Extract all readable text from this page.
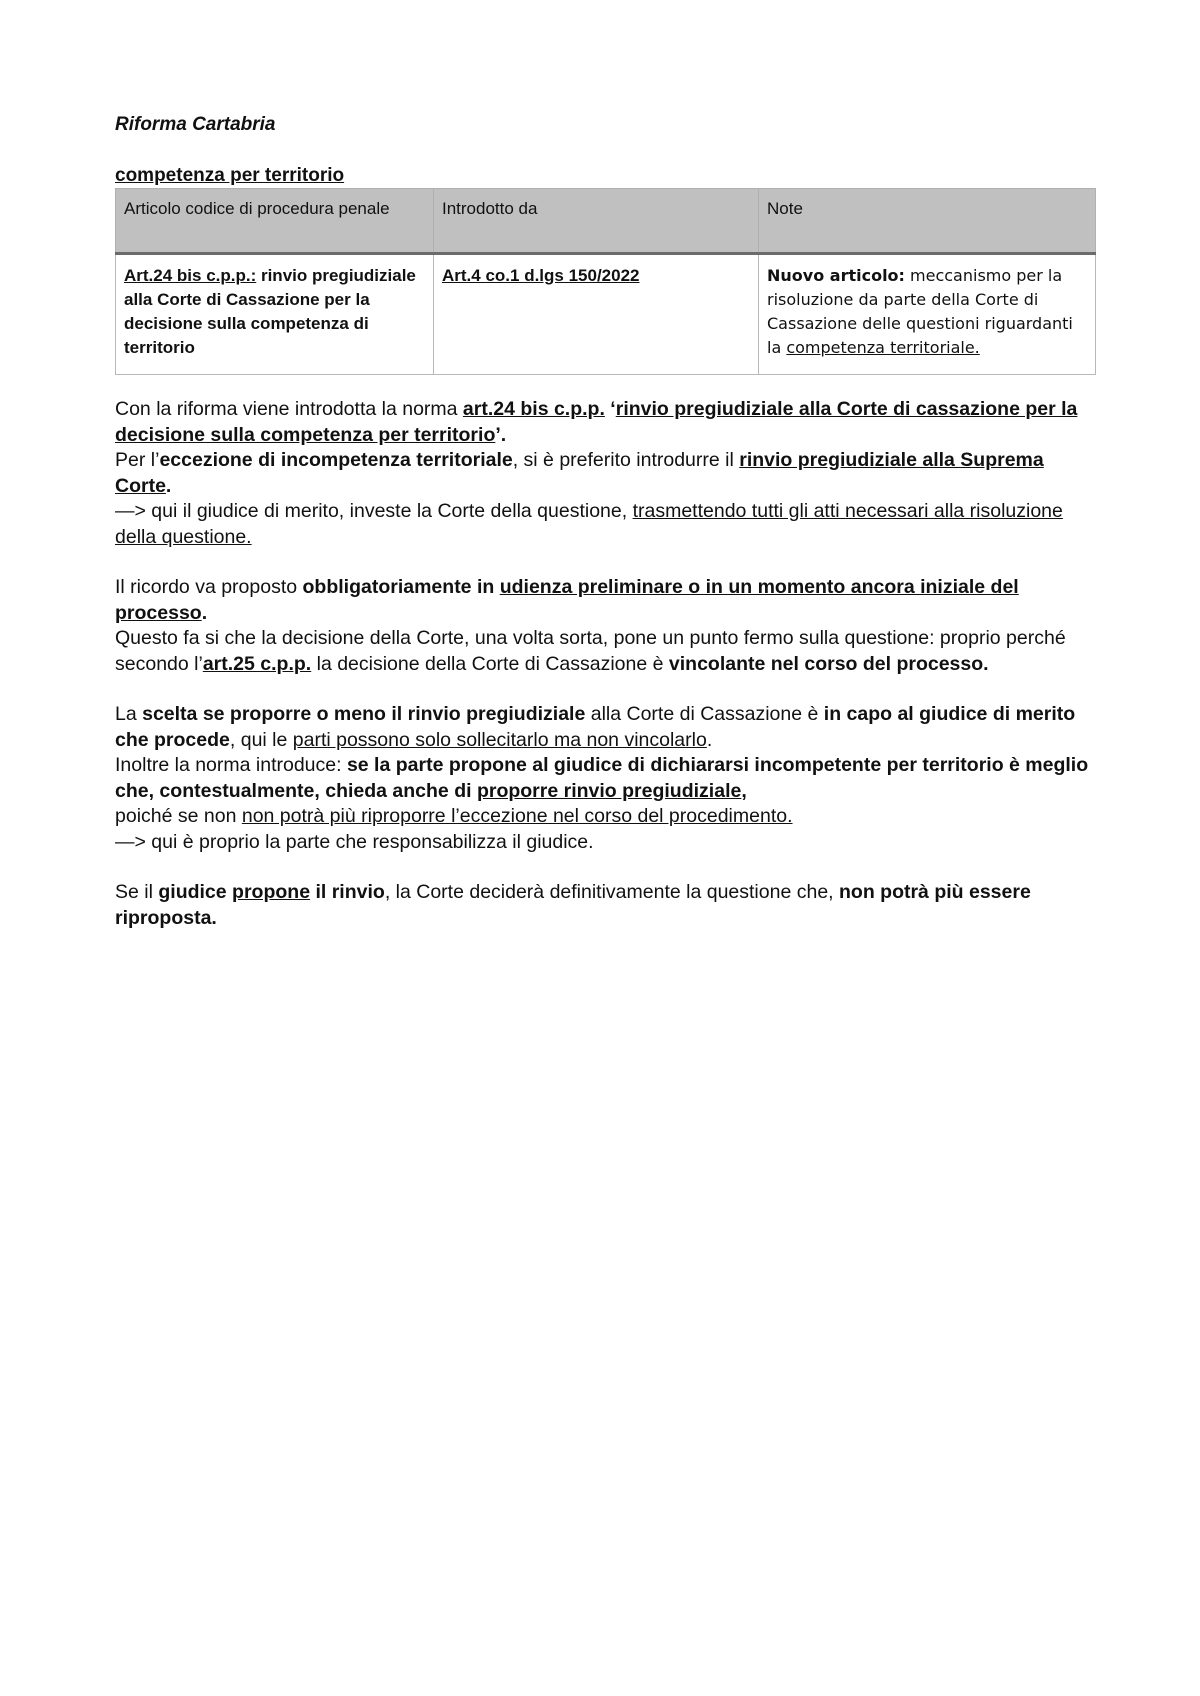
Riforma Cartabria

competenza per territorio

Articolo codice di procedura penale	Introdotto da	Note
Art.24 bis c.p.p.: rinvio pregiudiziale alla Corte di Cassazione per la decisione sulla competenza di territorio	Art.4 co.1 d.lgs 150/2022	Nuovo articolo: meccanismo per la risoluzione da parte della Corte di Cassazione delle questioni riguardanti la competenza territoriale.
Con la riforma viene introdotta la norma art.24 bis c.p.p. ‘rinvio pregiudiziale alla Corte di cassazione per la decisione sulla competenza per territorio’.
Per l’eccezione di incompetenza territoriale, si è preferito introdurre il rinvio pregiudiziale alla Suprema Corte.
—> qui il giudice di merito, investe la Corte della questione, trasmettendo tutti gli atti necessari alla risoluzione della questione.
Il ricordo va proposto obbligatoriamente in udienza preliminare o in un momento ancora iniziale del processo.
Questo fa si che la decisione della Corte, una volta sorta, pone un punto fermo sulla questione: proprio perché secondo l’art.25 c.p.p. la decisione della Corte di Cassazione è vincolante nel corso del processo.
La scelta se proporre o meno il rinvio pregiudiziale alla Corte di Cassazione è in capo al giudice di merito che procede, qui le parti possono solo sollecitarlo ma non vincolarlo.
Inoltre la norma introduce: se la parte propone al giudice di dichiararsi incompetente per territorio è meglio che, contestualmente, chieda anche di proporre rinvio pregiudiziale,
poiché se non non potrà più riproporre l’eccezione nel corso del procedimento.
—> qui è proprio la parte che responsabilizza il giudice.
Se il giudice propone il rinvio, la Corte deciderà definitivamente la questione che, non potrà più essere riproposta.
